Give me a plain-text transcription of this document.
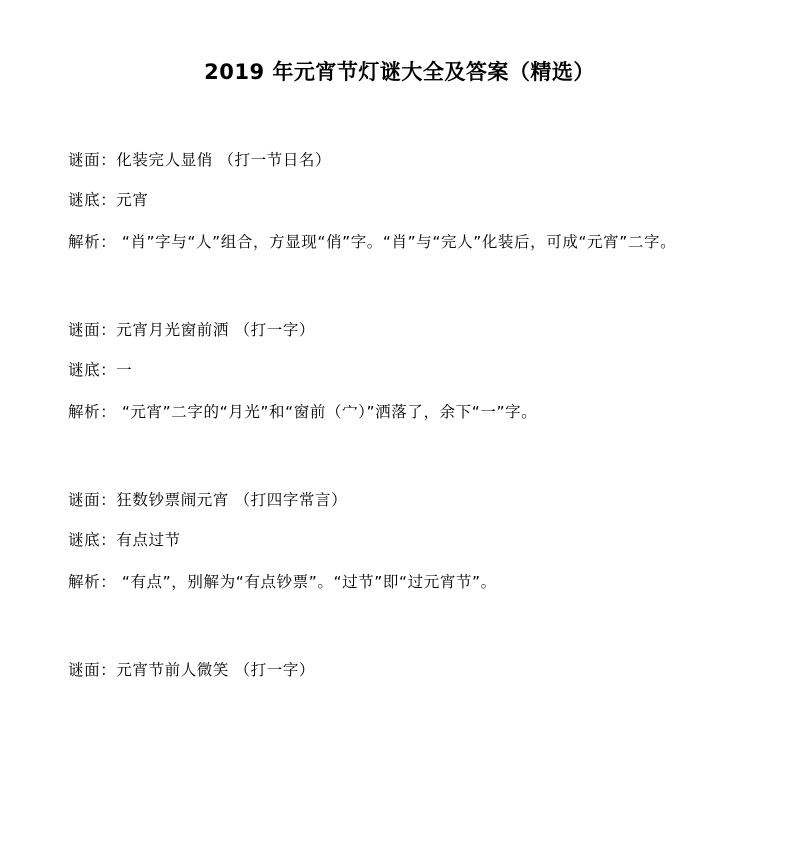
2019 年元宵节灯谜大全及答案（精选）
谜面：化装完人显俏 （打一节日名）
谜底：元宵
解析： “肖”字与“人”组合，方显现“俏”字。“肖”与“完人”化装后，可成“元宵”二字。
谜面：元宵月光窗前洒 （打一字）
谜底：一
解析： “元宵”二字的“月光”和“窗前（宀）”洒落了，余下“一”字。
谜面：狂数钞票闹元宵 （打四字常言）
谜底：有点过节
解析： “有点”，别解为“有点钞票”。“过节”即“过元宵节”。
谜面：元宵节前人微笑 （打一字）
